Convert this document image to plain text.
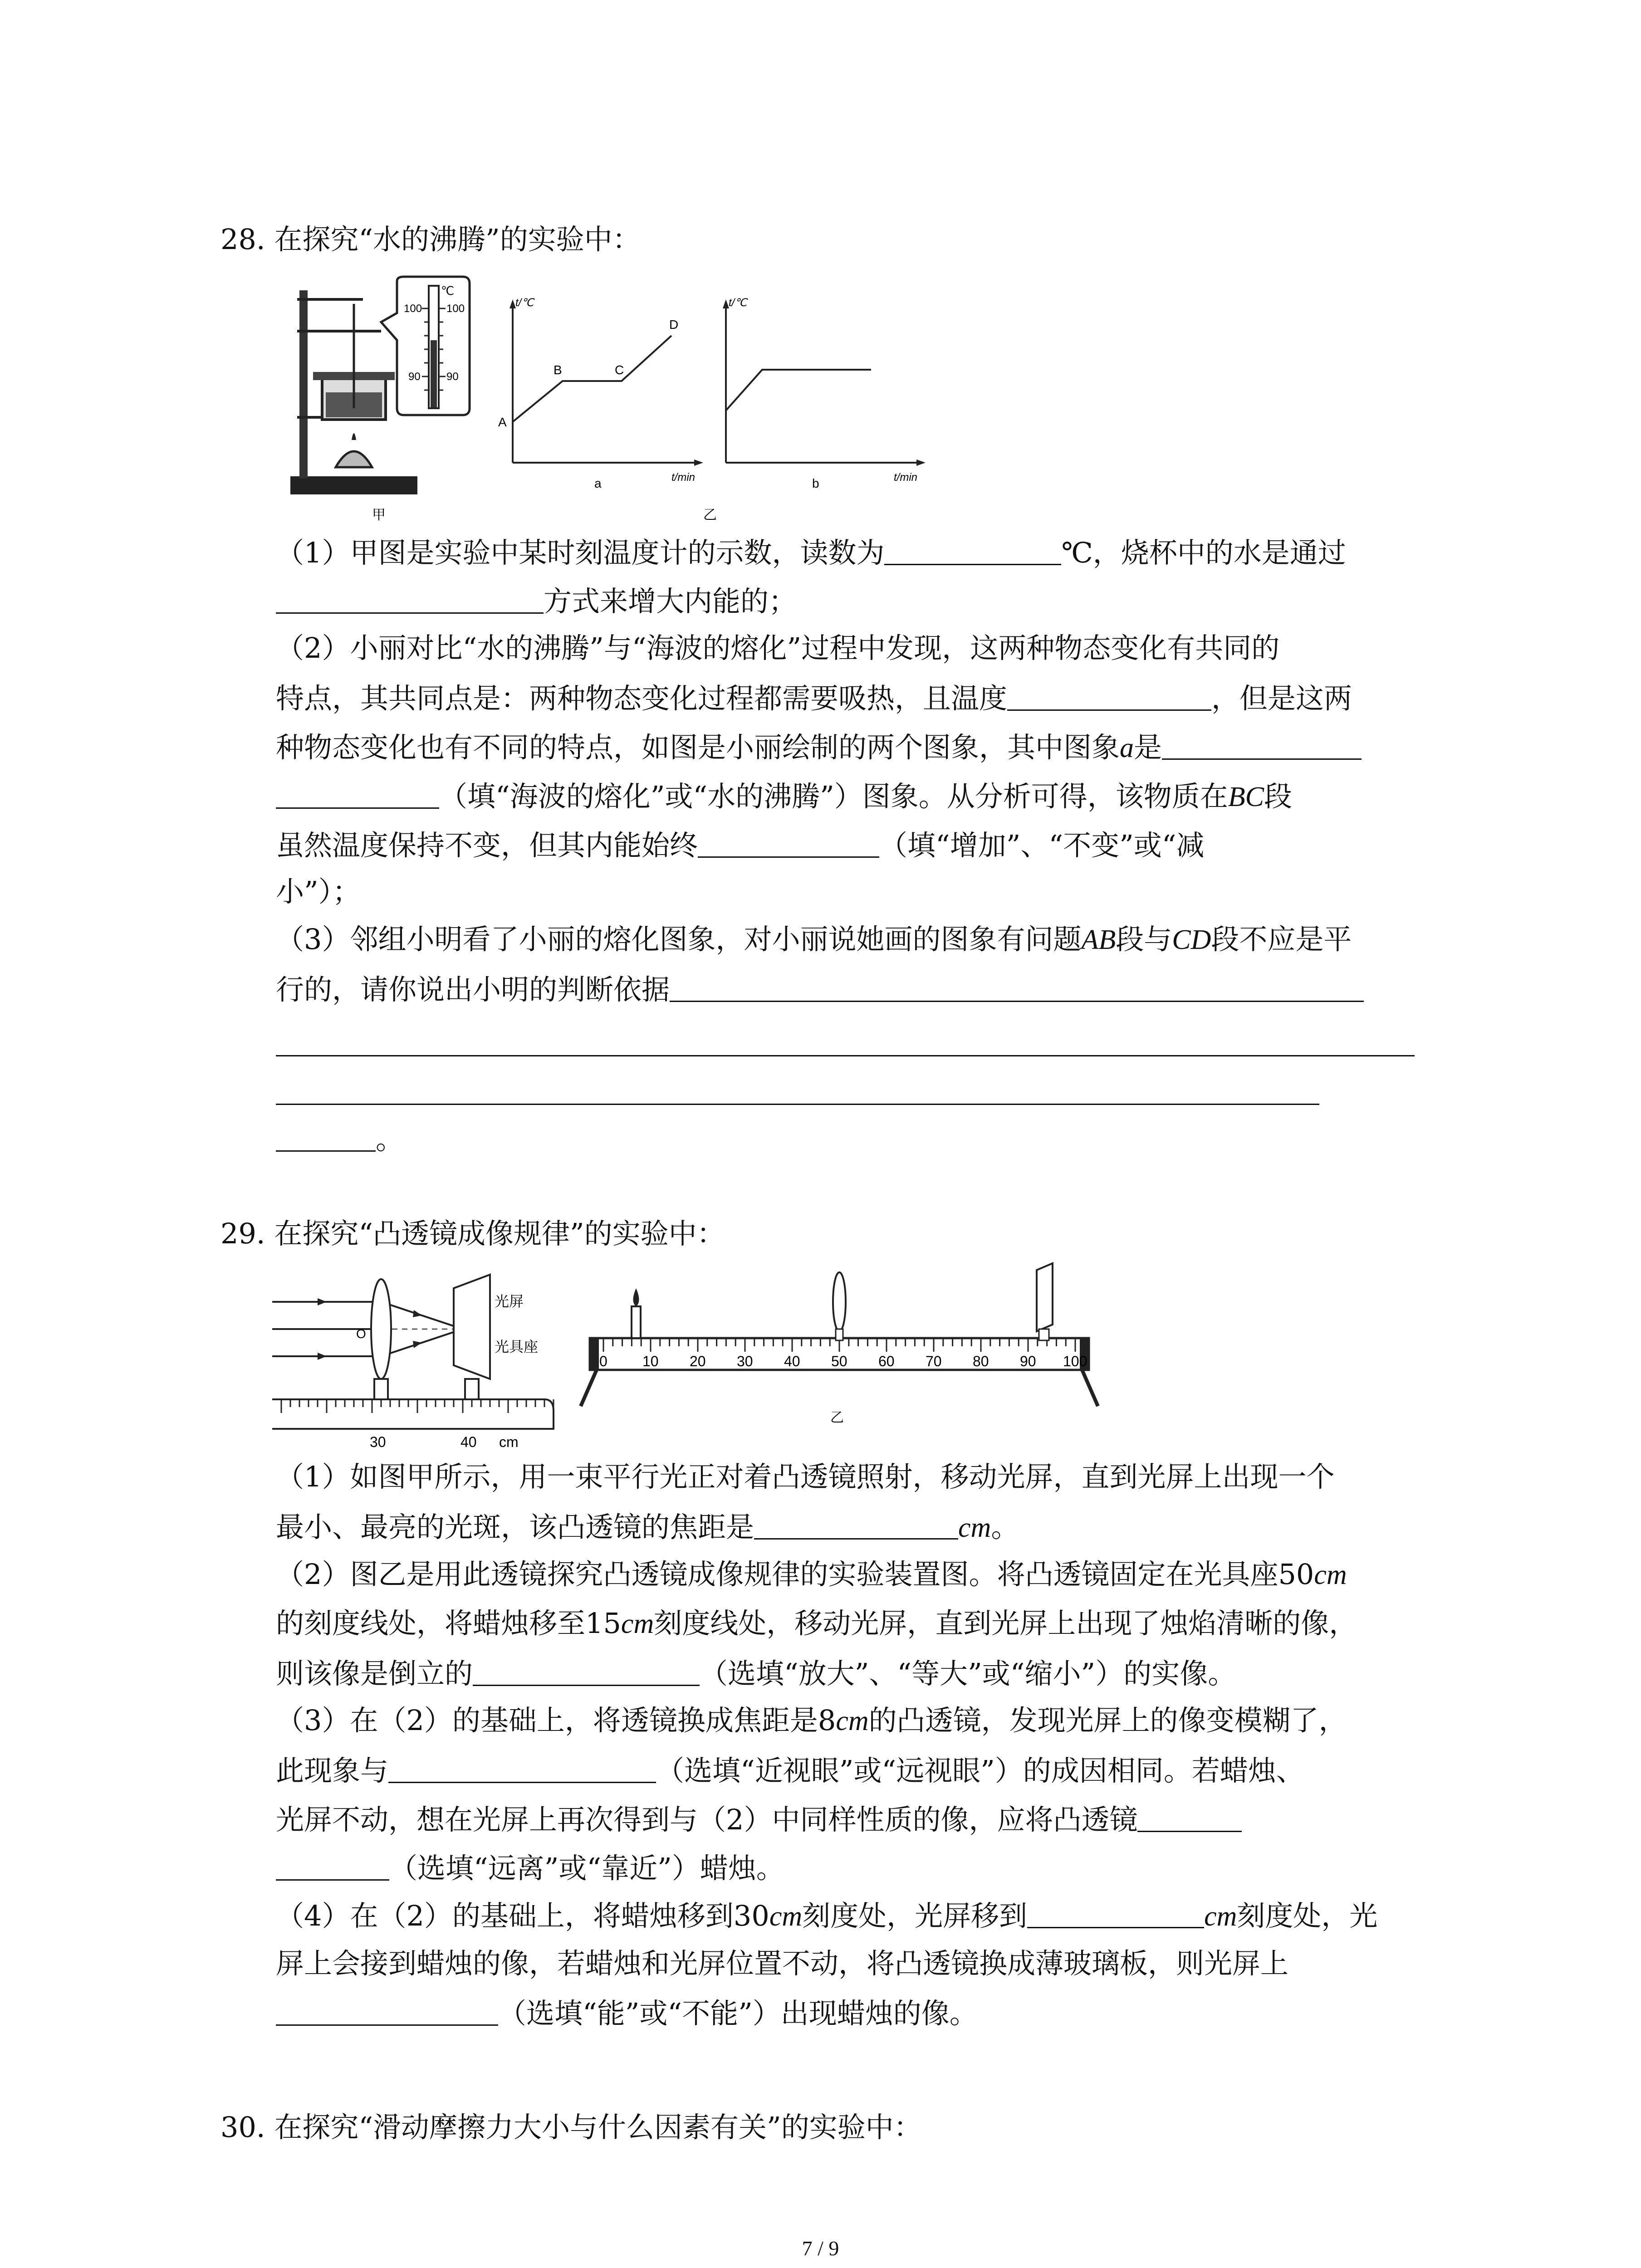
28. 在探究“水的沸腾”的实验中：
℃
100 100
90 90
甲
t/℃
t/min
a
A
B	C
D
t/℃
t/min
b
乙
（1）甲图是实验中某时刻温度计的示数，读数为	℃，烧杯中的水是通过
方式来增大内能的；
（2）小丽对比“水的沸腾”与“海波的熔化”过程中发现，这两种物态变化有共同的
特点，其共同点是：两种物态变化过程都需要吸热，且温度	，但是这两
种物态变化也有不同的特点，如图是小丽绘制的两个图象，其中图象a是
（填“海波的熔化”或“水的沸腾”）图象。从分析可得，该物质在BC段
虽然温度保持不变，但其内能始终	（填“增加”、“不变”或“减
小”）；
（3）邻组小明看了小丽的熔化图象，对小丽说她画的图象有问题AB段与CD段不应是平
行的，请你说出小明的判断依据
。
29. 在探究“凸透镜成像规律”的实验中：
O
光屏
光具座
30	40 cm
0 10 20 30 40 50 60 70 80 90 100
乙
（1）如图甲所示，用一束平行光正对着凸透镜照射，移动光屏，直到光屏上出现一个
最小、最亮的光斑，该凸透镜的焦距是	cm。
（2）图乙是用此透镜探究凸透镜成像规律的实验装置图。将凸透镜固定在光具座50cm
的刻度线处，将蜡烛移至15cm刻度线处，移动光屏，直到光屏上出现了烛焰清晰的像，
则该像是倒立的	（选填“放大”、“等大”或“缩小”）的实像。
（3）在（2）的基础上，将透镜换成焦距是8cm的凸透镜，发现光屏上的像变模糊了，
此现象与	（选填“近视眼”或“远视眼”）的成因相同。若蜡烛、
光屏不动，想在光屏上再次得到与（2）中同样性质的像，应将凸透镜
（选填“远离”或“靠近”）蜡烛。
（4）在（2）的基础上，将蜡烛移到30cm刻度处，光屏移到	cm刻度处，光
屏上会接到蜡烛的像，若蜡烛和光屏位置不动，将凸透镜换成薄玻璃板，则光屏上
（选填“能”或“不能”）出现蜡烛的像。
30. 在探究“滑动摩擦力大小与什么因素有关”的实验中：
7 / 9
